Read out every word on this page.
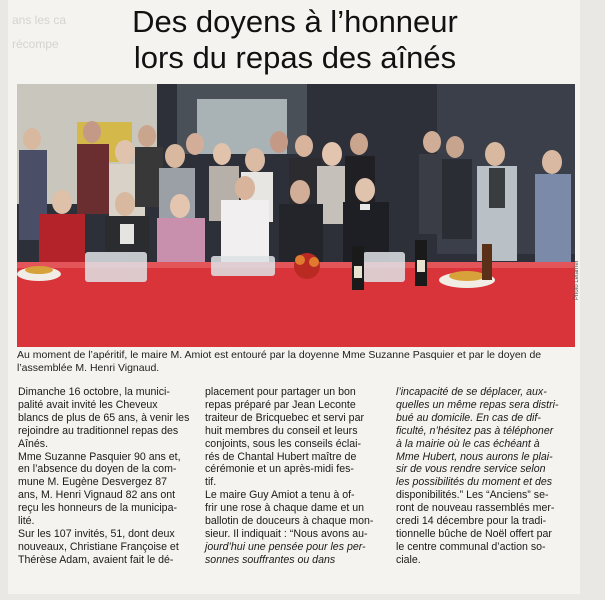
ans les ca
récompe
Des doyens à l’honneur
lors du repas des aînés
Photo Letarrier
Au moment de l’apéritif, le maire M. Amiot est entouré par la doyenne Mme Suzanne Pasquier et par le doyen de
l’assemblée M. Henri Vignaud.
Dimanche 16 octobre, la munici-
palité avait invité les Cheveux
blancs de plus de 65 ans, à venir les
rejoindre au traditionnel repas des
Aînés.
Mme Suzanne Pasquier 90 ans et,
en l’absence du doyen de la com-
mune M. Eugène Desvergez 87
ans, M. Henri Vignaud 82 ans ont
reçu les honneurs de la municipa-
lité.
Sur les 107 invités, 51, dont deux
nouveaux, Christiane Françoise et
Thérèse Adam, avaient fait le dé-
placement pour partager un bon
repas préparé par Jean Leconte
traiteur de Bricquebec et servi par
huit membres du conseil et leurs
conjoints, sous les conseils éclai-
rés de Chantal Hubert maître de
cérémonie et un après-midi fes-
tif.
Le maire Guy Amiot a tenu à of-
frir une rose à chaque dame et un
ballotin de douceurs à chaque mon-
sieur. Il indiquait : “Nous avons au-
jourd’hui une pensée pour les per-
sonnes souffrantes ou dans
l’incapacité de se déplacer, aux-
quelles un même repas sera distri-
bué au domicile. En cas de dif-
ficulté, n’hésitez pas à téléphoner
à la mairie où le cas échéant à
Mme Hubert, nous aurons le plai-
sir de vous rendre service selon
les possibilités du moment et des
disponibilités.” Les “Anciens” se-
ront de nouveau rassemblés mer-
credi 14 décembre pour la tradi-
tionnelle bûche de Noël offert par
le centre communal d’action so-
ciale.
